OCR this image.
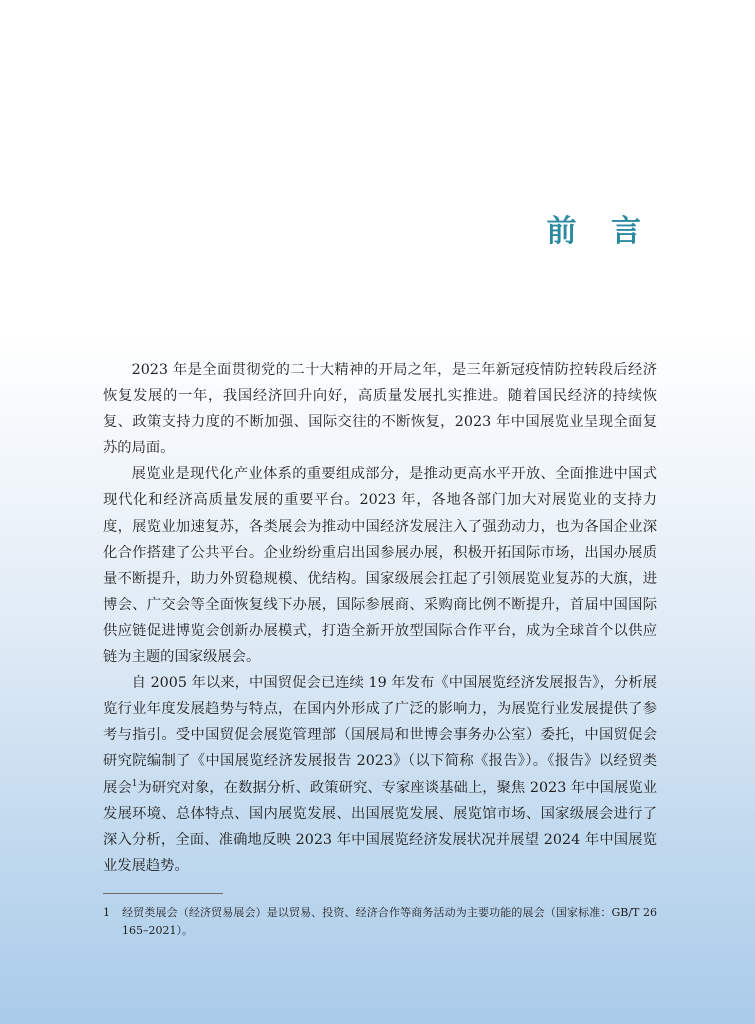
前 言

2023 年是全面贯彻党的二十大精神的开局之年，是三年新冠疫情防控转段后经济恢复发展的一年，我国经济回升向好，高质量发展扎实推进。随着国民经济的持续恢复、政策支持力度的不断加强、国际交往的不断恢复，2023 年中国展览业呈现全面复苏的局面。

展览业是现代化产业体系的重要组成部分，是推动更高水平开放、全面推进中国式现代化和经济高质量发展的重要平台。2023 年，各地各部门加大对展览业的支持力度，展览业加速复苏，各类展会为推动中国经济发展注入了强劲动力，也为各国企业深化合作搭建了公共平台。企业纷纷重启出国参展办展，积极开拓国际市场，出国办展质量不断提升，助力外贸稳规模、优结构。国家级展会扛起了引领展览业复苏的大旗，进博会、广交会等全面恢复线下办展，国际参展商、采购商比例不断提升，首届中国国际供应链促进博览会创新办展模式，打造全新开放型国际合作平台，成为全球首个以供应链为主题的国家级展会。

自 2005 年以来，中国贸促会已连续 19 年发布《中国展览经济发展报告》，分析展览行业年度发展趋势与特点，在国内外形成了广泛的影响力，为展览行业发展提供了参考与指引。受中国贸促会展览管理部（国展局和世博会事务办公室）委托，中国贸促会研究院编制了《中国展览经济发展报告 2023》（以下简称《报告》）。《报告》以经贸类展会$^1$为研究对象，在数据分析、政策研究、专家座谈基础上，聚焦 2023 年中国展览业发展环境、总体特点、国内展览发展、出国展览发展、展览馆市场、国家级展会进行了深入分析，全面、准确地反映 2023 年中国展览经济发展状况并展望 2024 年中国展览业发展趋势。

1 经贸类展会（经济贸易展会）是以贸易、投资、经济合作等商务活动为主要功能的展会（国家标准：GB/T 26165–2021）。
